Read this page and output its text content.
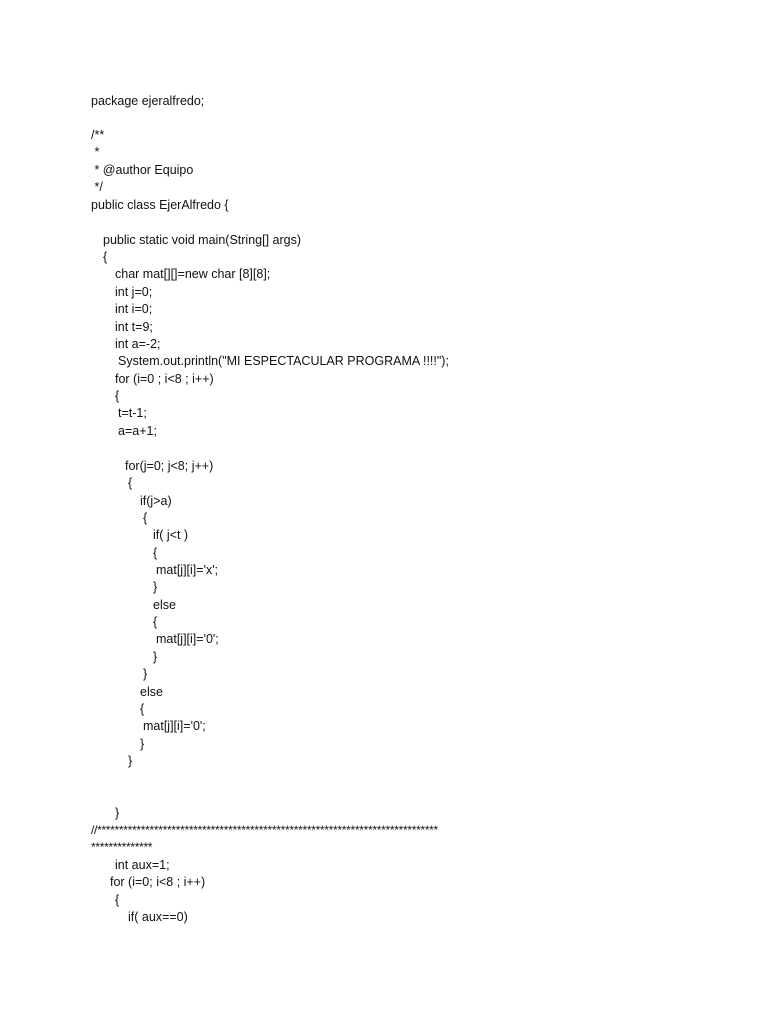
package ejeralfredo;
/**
*
* @author Equipo
*/
public class EjerAlfredo {
public static void main(String[] args)
{
char mat[][]=new char [8][8];
int j=0;
int i=0;
int t=9;
int a=-2;
System.out.println("MI ESPECTACULAR PROGRAMA !!!!");
for (i=0 ; i<8 ; i++)
{
t=t-1;
a=a+1;
for(j=0; j<8; j++)
{
if(j>a)
{
if( j<t )
{
mat[j][i]='x';
}
else
{
mat[j][i]='0';
}
}
else
{
mat[j][i]='0';
}
}
}
//******************************************************************************
**************
int aux=1;
for (i=0; i<8 ; i++)
{
if( aux==0)
